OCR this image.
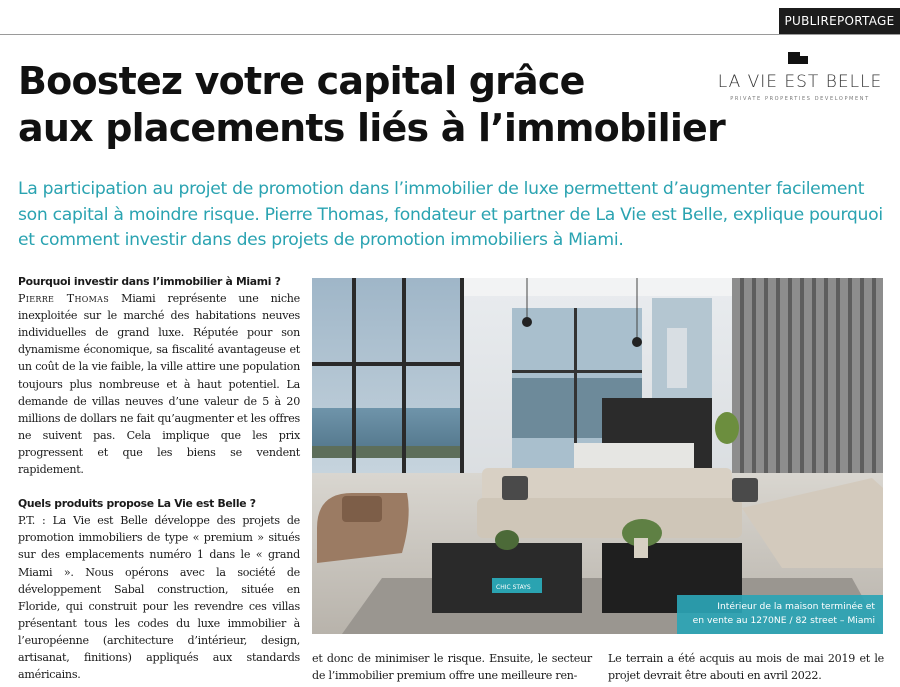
PUBLIREPORTAGE
LA VIE EST BELLE
PRIVATE PROPERTIES DEVELOPMENT
Boostez votre capital grâce
aux placements liés à l’immobilier

La participation au projet de promotion dans l’immobilier de luxe permettent d’augmenter facilement son capital à moindre risque. Pierre Thomas, fondateur et partner de La Vie est Belle, explique pourquoi et comment investir dans des projets de promotion immobiliers à Miami.

Pourquoi investir dans l’immobilier à Miami ?

Pierre Thomas Miami représente une niche inexploitée sur le marché des habitations neuves individuelles de grand luxe. Réputée pour son dynamisme économique, sa fiscalité avantageuse et un coût de la vie faible, la ville attire une population toujours plus nombreuse et à haut potentiel. La demande de villas neuves d’une valeur de 5 à 20 millions de dollars ne fait qu’augmenter et les offres ne suivent pas. Cela implique que les prix progressent et que les biens se vendent rapidement.

Quels produits propose La Vie est Belle ?

P.T. : La Vie est Belle développe des projets de promotion immobiliers de type « premium » situés sur des emplacements numéro 1 dans le « grand Miami ». Nous opérons avec la société de développement Sabal construction, située en Floride, qui construit pour les revendre ces villas présentant tous les codes du luxe immobilier à l’européenne (architecture d’intérieur, design, artisanat, finitions) appliqués aux standards américains.

CHIC STAYS
Intérieur de la maison terminée et
en vente au 1270NE / 82 street – Miami

et donc de minimiser le risque. Ensuite, le secteur de l’immobilier premium offre une meilleure ren-

Le terrain a été acquis au mois de mai 2019 et le projet devrait être abouti en avril 2022.
